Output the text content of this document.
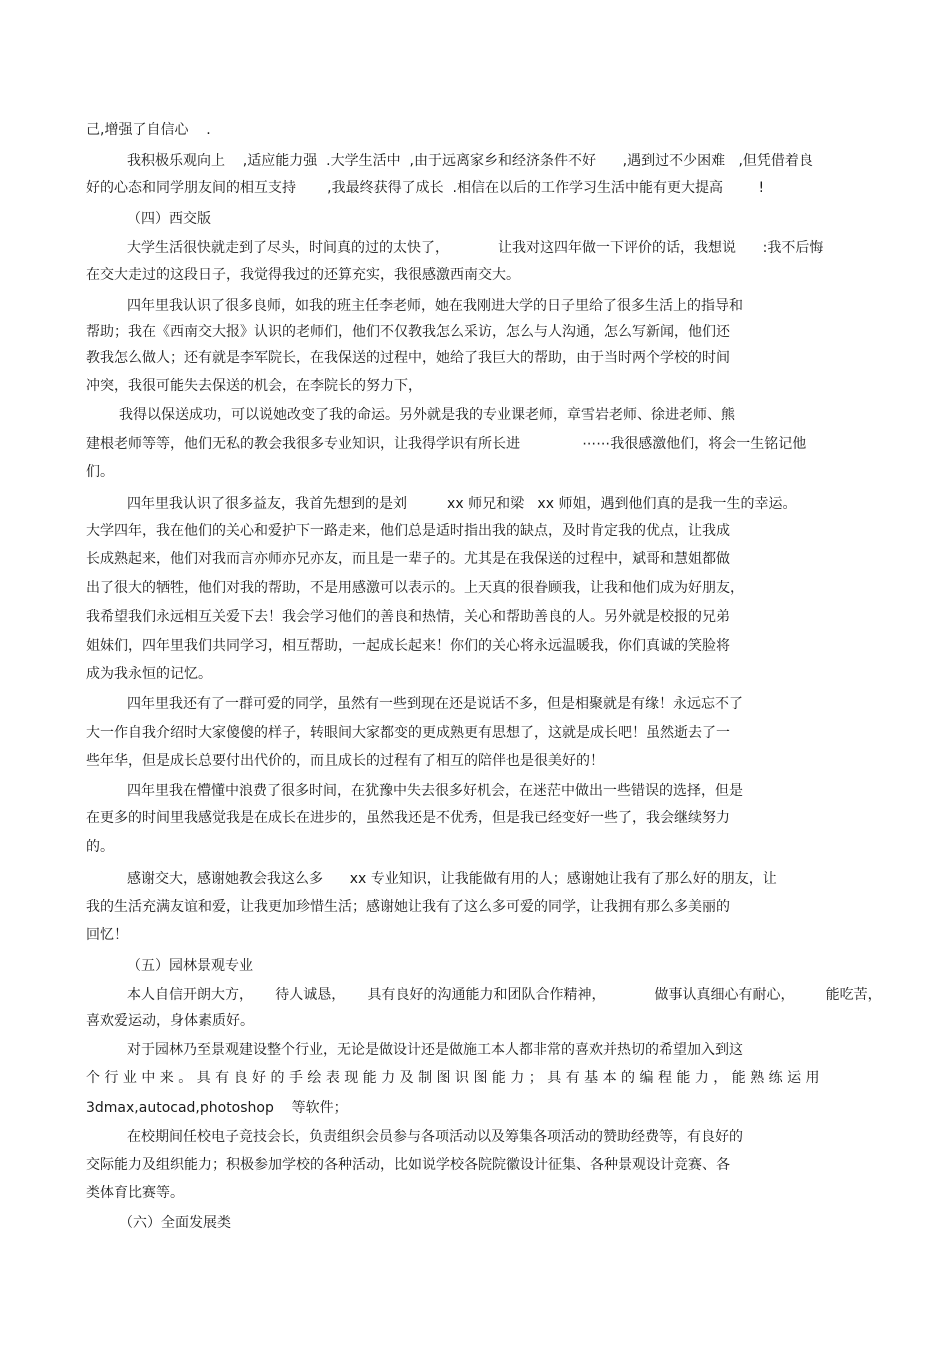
己,增强了自信心    .
我积极乐观向上    ,适应能力强  .大学生活中  ,由于远离家乡和经济条件不好      ,遇到过不少困难   ,但凭借着良
好的心态和同学朋友间的相互支持       ,我最终获得了成长  .相信在以后的工作学习生活中能有更大提高        !
（四）西交版
大学生活很快就走到了尽头，时间真的过的太快了，           让我对这四年做一下评价的话，我想说      :我不后悔
在交大走过的这段日子，我觉得我过的还算充实，我很感激西南交大。
四年里我认识了很多良师，如我的班主任李老师，她在我刚进大学的日子里给了很多生活上的指导和
帮助；我在《西南交大报》认识的老师们，他们不仅教我怎么采访，怎么与人沟通，怎么写新闻，他们还
教我怎么做人；还有就是李军院长，在我保送的过程中，她给了我巨大的帮助，由于当时两个学校的时间
冲突，我很可能失去保送的机会，在李院长的努力下，
我得以保送成功，可以说她改变了我的命运。另外就是我的专业课老师，章雪岩老师、徐进老师、熊
建根老师等等，他们无私的教会我很多专业知识，让我得学识有所长进              ⋯⋯我很感激他们，将会一生铭记他
们。
四年里我认识了很多益友，我首先想到的是刘         xx 师兄和梁   xx 师姐，遇到他们真的是我一生的幸运。
大学四年，我在他们的关心和爱护下一路走来，他们总是适时指出我的缺点，及时肯定我的优点，让我成
长成熟起来，他们对我而言亦师亦兄亦友，而且是一辈子的。尤其是在我保送的过程中，斌哥和慧姐都做
出了很大的牺牲，他们对我的帮助，不是用感激可以表示的。上天真的很眷顾我，让我和他们成为好朋友，
我希望我们永远相互关爱下去！我会学习他们的善良和热情，关心和帮助善良的人。另外就是校报的兄弟
姐妹们，四年里我们共同学习，相互帮助，一起成长起来！你们的关心将永远温暖我，你们真诚的笑脸将
成为我永恒的记忆。
四年里我还有了一群可爱的同学，虽然有一些到现在还是说话不多，但是相聚就是有缘！永远忘不了
大一作自我介绍时大家傻傻的样子，转眼间大家都变的更成熟更有思想了，这就是成长吧！虽然逝去了一
些年华，但是成长总要付出代价的，而且成长的过程有了相互的陪伴也是很美好的！
四年里我在懵懂中浪费了很多时间，在犹豫中失去很多好机会，在迷茫中做出一些错误的选择，但是
在更多的时间里我感觉我是在成长在进步的，虽然我还是不优秀，但是我已经变好一些了，我会继续努力
的。
感谢交大，感谢她教会我这么多      xx 专业知识，让我能做有用的人；感谢她让我有了那么好的朋友，让
我的生活充满友谊和爱，让我更加珍惜生活；感谢她让我有了这么多可爱的同学，让我拥有那么多美丽的
回忆！
（五）园林景观专业
本人自信开朗大方，     待人诚恳，     具有良好的沟通能力和团队合作精神，           做事认真细心有耐心，       能吃苦，
喜欢爱运动，身体素质好。
对于园林乃至景观建设整个行业，无论是做设计还是做施工本人都非常的喜欢并热切的希望加入到这
个 行 业 中 来 。 具 有 良 好 的 手 绘 表 现 能 力 及 制 图 识 图 能 力 ； 具 有 基 本 的 编 程 能 力 ， 能 熟 练 运 用
3dmax,autocad,photoshop    等软件；
在校期间任校电子竞技会长，负责组织会员参与各项活动以及筹集各项活动的赞助经费等，有良好的
交际能力及组织能力；积极参加学校的各种活动，比如说学校各院院徽设计征集、各种景观设计竞赛、各
类体育比赛等。
（六）全面发展类
